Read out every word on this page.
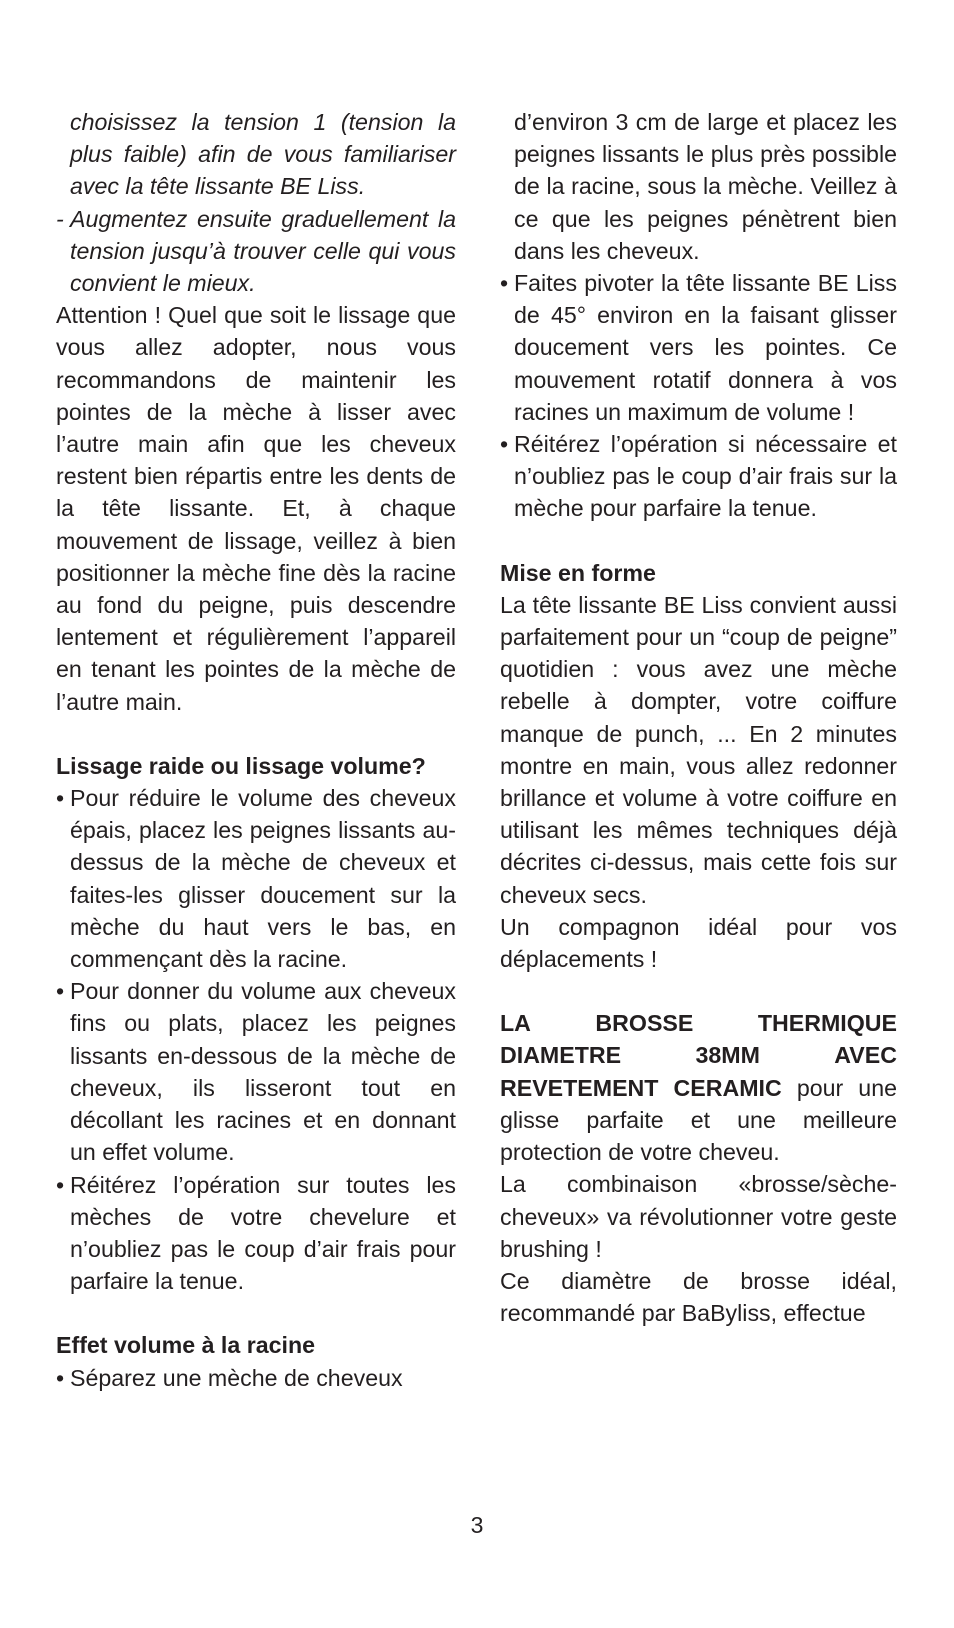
choisissez la tension 1 (tension la plus faible) afin de vous familiariser avec la tête lissante BE Liss.

- Augmentez ensuite graduellement la tension jusqu’à trouver celle qui vous convient le mieux.

Attention ! Quel que soit le lissage que vous allez adopter, nous vous recommandons de maintenir les pointes de la mèche à lisser avec l’autre main afin que les cheveux restent bien répartis entre les dents de la tête lissante. Et, à chaque mouvement de lissage, veillez à bien positionner la mèche fine dès la racine au fond du peigne, puis descendre lentement et régulièrement l’appareil en tenant les pointes de la mèche de l’autre main.

Lissage raide ou lissage volume?

• Pour réduire le volume des cheveux épais, placez les peignes lissants au-dessus de la mèche de cheveux et faites-les glisser doucement sur la mèche du haut vers le bas, en commençant dès la racine.
• Pour donner du volume aux cheveux fins ou plats, placez les peignes lissants en-dessous de la mèche de cheveux, ils lisseront tout en décollant les racines et en donnant un effet volume.
• Réitérez l’opération sur toutes les mèches de votre chevelure et n’oubliez pas le coup d’air frais pour parfaire la tenue.

Effet volume à la racine

• Séparez une mèche de cheveux

d’environ 3 cm de large et placez les peignes lissants le plus près possible de la racine, sous la mèche. Veillez à ce que les peignes pénètrent bien dans les cheveux.

• Faites pivoter la tête lissante BE Liss de 45° environ en la faisant glisser doucement vers les pointes. Ce mouvement rotatif donnera à vos racines un maximum de volume !
• Réitérez l’opération si nécessaire et n’oubliez pas le coup d’air frais sur la mèche pour parfaire la tenue.

Mise en forme

La tête lissante BE Liss convient aussi parfaitement pour un “coup de peigne” quotidien : vous avez une mèche rebelle à dompter, votre coiffure manque de punch, ... En 2 minutes montre en main, vous allez redonner brillance et volume à votre coiffure en utilisant les mêmes techniques déjà décrites ci-dessus, mais cette fois sur cheveux secs.

Un compagnon idéal pour vos déplacements !

LA	BROSSE	THERMIQUE
DIAMETRE	38MM	AVEC

REVETEMENT CERAMIC pour une glisse parfaite et une meilleure protection de votre cheveu.

La combinaison «brosse/sèche-cheveux» va révolutionner votre geste brushing !

Ce diamètre de brosse idéal, recommandé par BaByliss, effectue

3
